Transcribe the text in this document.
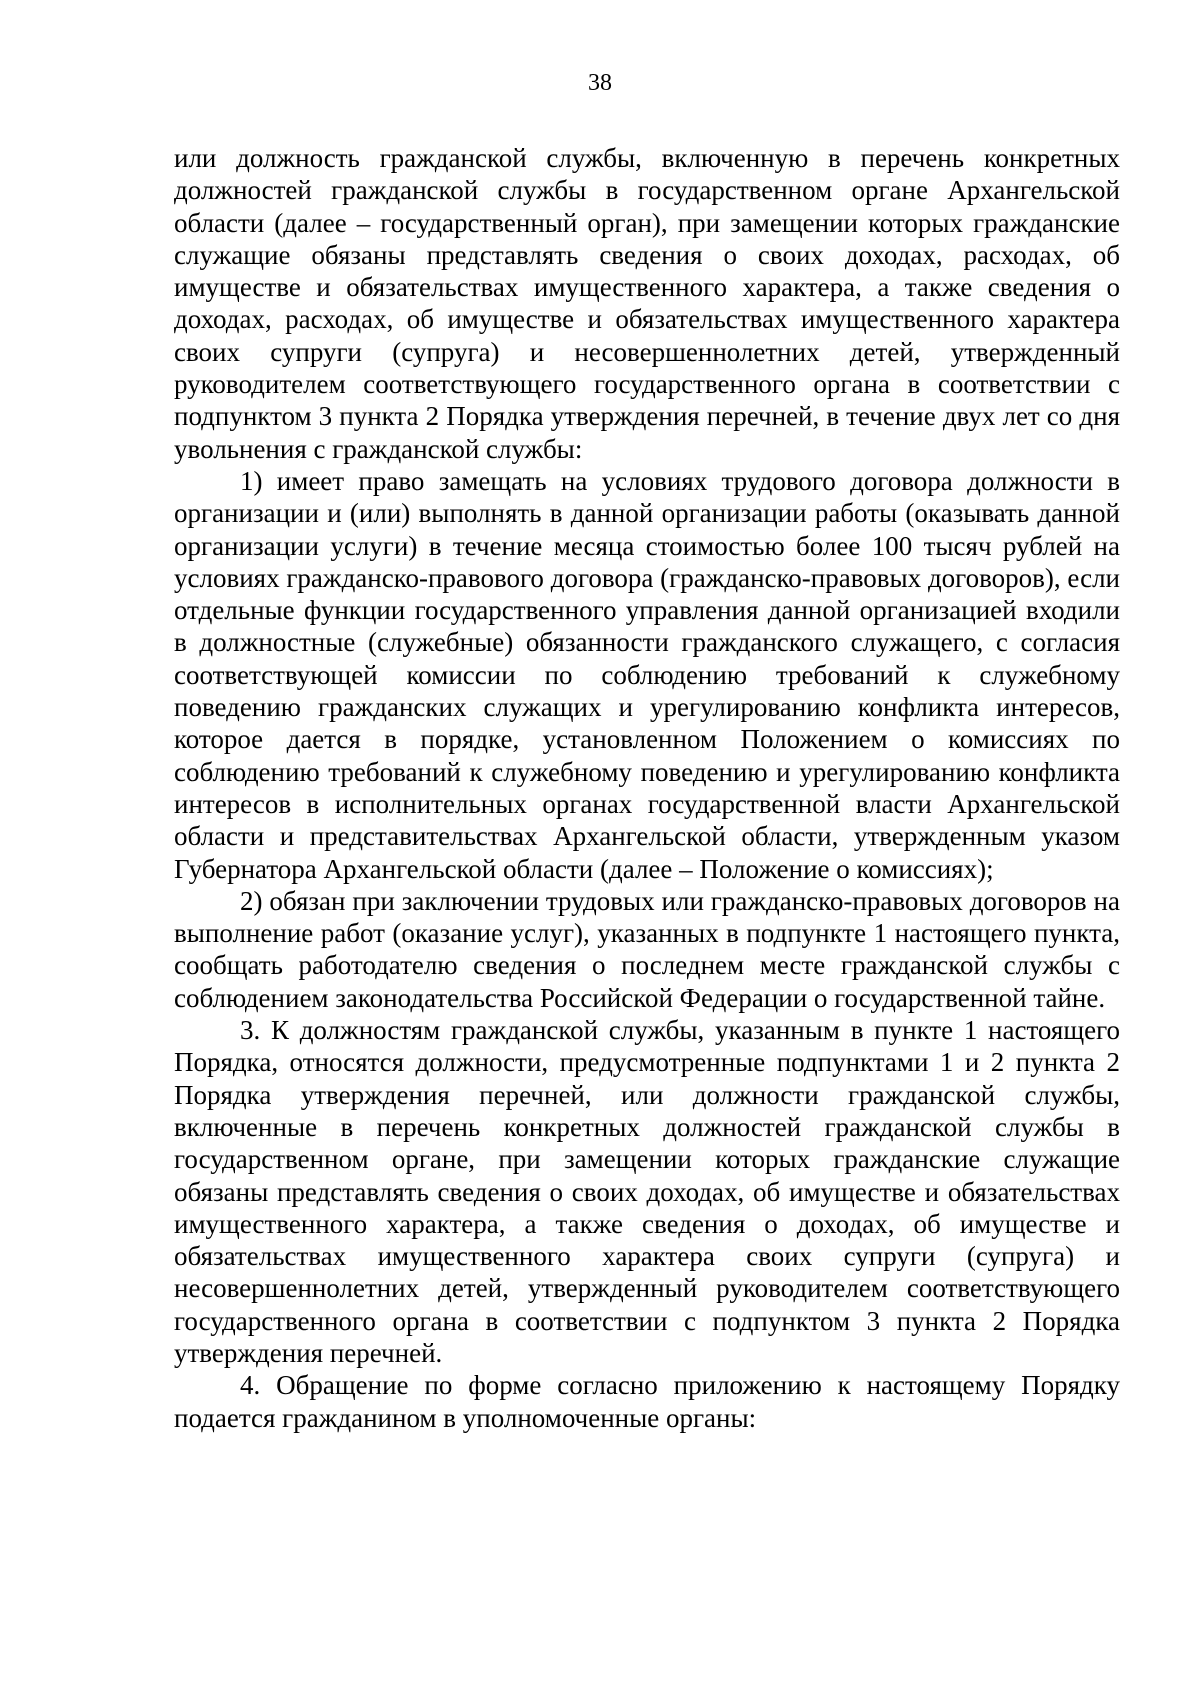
38

или должность гражданской службы, включенную в перечень конкретных должностей гражданской службы в государственном органе Архангельской области (далее – государственный орган), при замещении которых гражданские служащие обязаны представлять сведения о своих доходах, расходах, об имуществе и обязательствах имущественного характера, а также сведения о доходах, расходах, об имуществе и обязательствах имущественного характера своих супруги (супруга) и несовершеннолетних детей, утвержденный руководителем соответствующего государственного органа в соответствии с подпунктом 3 пункта 2 Порядка утверждения перечней, в течение двух лет со дня увольнения с гражданской службы:

1) имеет право замещать на условиях трудового договора должности в организации и (или) выполнять в данной организации работы (оказывать данной организации услуги) в течение месяца стоимостью более 100 тысяч рублей на условиях гражданско-правового договора (гражданско-правовых договоров), если отдельные функции государственного управления данной организацией входили в должностные (служебные) обязанности гражданского служащего, с согласия соответствующей комиссии по соблюдению требований к служебному поведению гражданских служащих и урегулированию конфликта интересов, которое дается в порядке, установленном Положением о комиссиях по соблюдению требований к служебному поведению и урегулированию конфликта интересов в исполнительных органах государственной власти Архангельской области и представительствах Архангельской области, утвержденным указом Губернатора Архангельской области (далее – Положение о комиссиях);

2) обязан при заключении трудовых или гражданско-правовых договоров на выполнение работ (оказание услуг), указанных в подпункте 1 настоящего пункта, сообщать работодателю сведения о последнем месте гражданской службы с соблюдением законодательства Российской Федерации о государственной тайне.

3. К должностям гражданской службы, указанным в пункте 1 настоящего Порядка, относятся должности, предусмотренные подпунктами 1 и 2 пункта 2 Порядка утверждения перечней, или должности гражданской службы, включенные в перечень конкретных должностей гражданской службы в государственном органе, при замещении которых гражданские служащие обязаны представлять сведения о своих доходах, об имуществе и обязательствах имущественного характера, а также сведения о доходах, об имуществе и обязательствах имущественного характера своих супруги (супруга) и несовершеннолетних детей, утвержденный руководителем соответствующего государственного органа в соответствии с подпунктом 3 пункта 2 Порядка утверждения перечней.

4. Обращение по форме согласно приложению к настоящему Порядку подается гражданином в уполномоченные органы:
